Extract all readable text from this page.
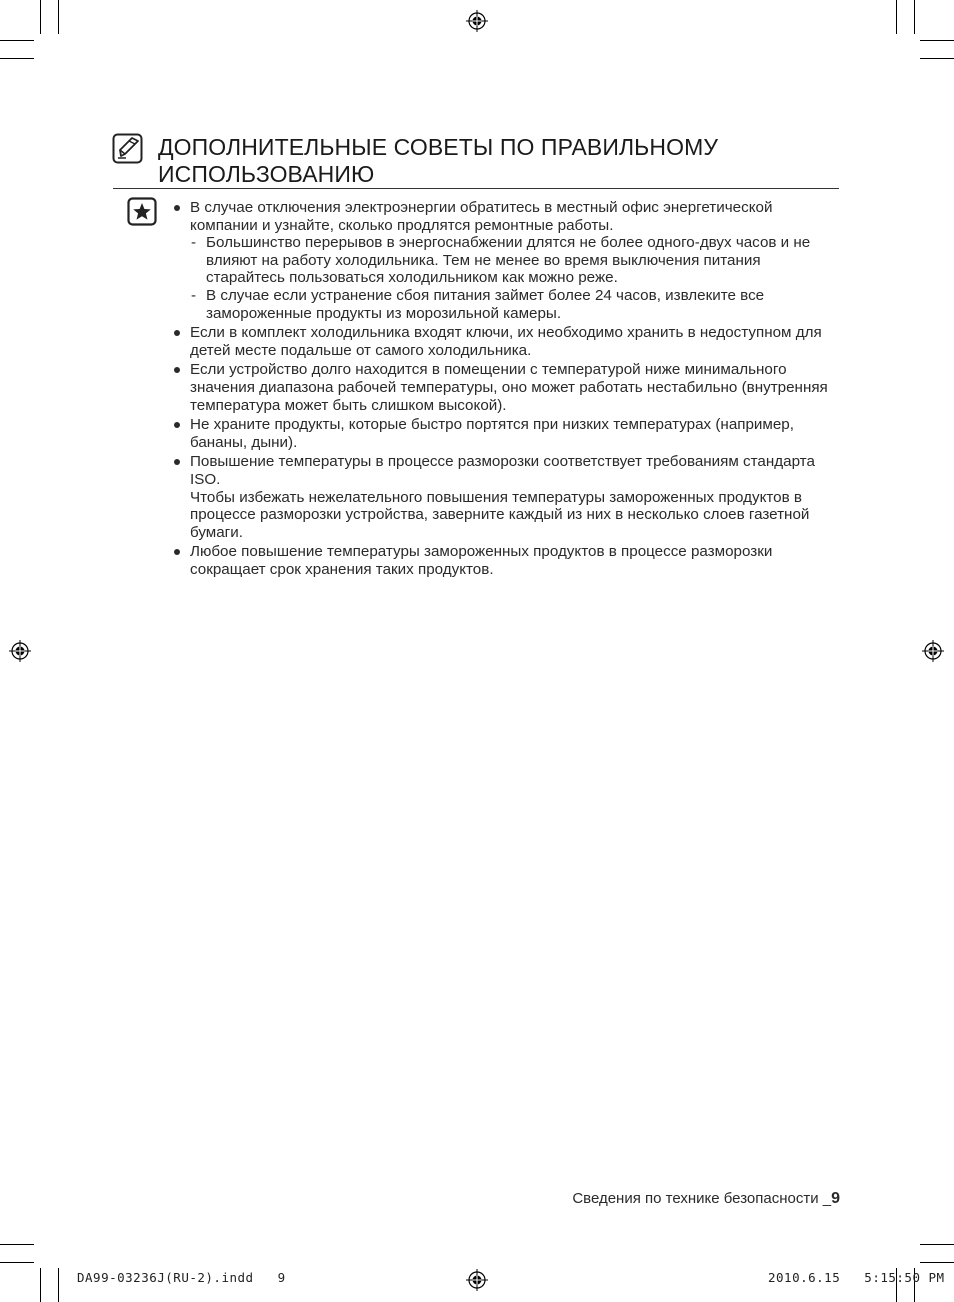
ДОПОЛНИТЕЛЬНЫЕ СОВЕТЫ ПО ПРАВИЛЬНОМУ
ИСПОЛЬЗОВАНИЮ

В случае отключения электроэнергии обратитесь в местный офис энергетической компании и узнайте, сколько продлятся ремонтные работы.

- Большинство перерывов в энергоснабжении длятся не более одного-двух часов и не влияют на работу холодильника. Тем не менее во время выключения питания старайтесь пользоваться холодильником как можно реже.
- В случае если устранение сбоя питания займет более 24 часов, извлеките все замороженные продукты из морозильной камеры.

Если в комплект холодильника входят ключи, их необходимо хранить в недоступном для детей месте подальше от самого холодильника.

Если устройство долго находится в помещении с температурой ниже минимального значения диапазона рабочей температуры, оно может работать нестабильно (внутренняя температура может быть слишком высокой).

Не храните продукты, которые быстро портятся при низких температурах (например, бананы, дыни).

Повышение температуры в процессе разморозки соответствует требованиям стандарта ISO.

Чтобы избежать нежелательного повышения температуры замороженных продуктов в процессе разморозки устройства, заверните каждый из них в несколько слоев газетной бумаги.

Любое повышение температуры замороженных продуктов в процессе разморозки сокращает срок хранения таких продуктов.

Сведения по технике безопасности _9
DA99-03236J(RU-2).indd   9	2010.6.15   5:15:50 PM
